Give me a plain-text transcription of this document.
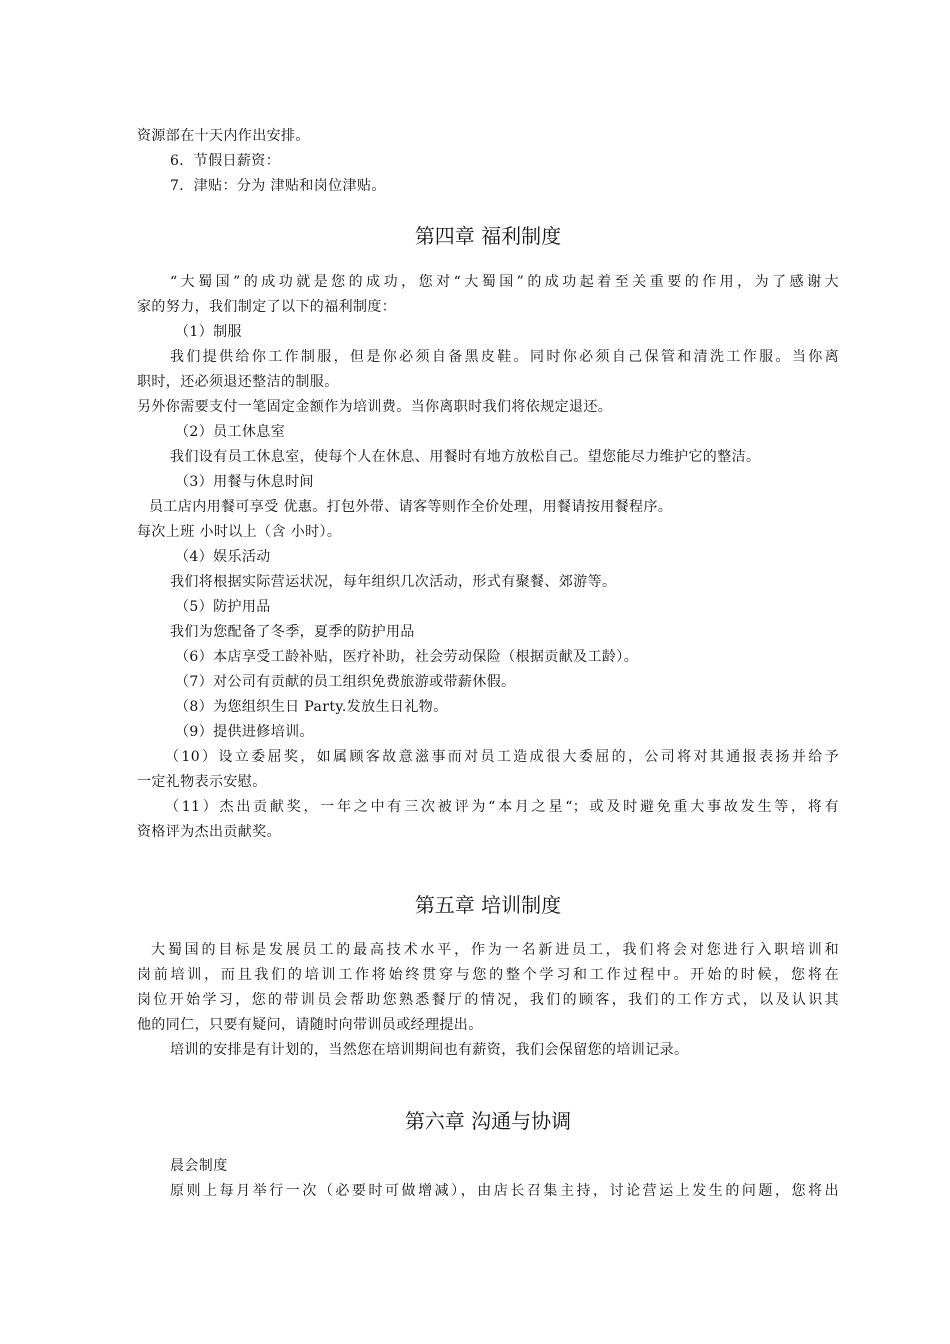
资源部在十天内作出安排。
6．节假日薪资：
7．津贴：分为 津贴和岗位津贴。
第四章 福利制度
“大蜀国”的成功就是您的成功，您对“大蜀国”的成功起着至关重要的作用，为了感谢大
家的努力，我们制定了以下的福利制度：
（1）制服
我们提供给你工作制服，但是你必须自备黑皮鞋。同时你必须自己保管和清洗工作服。当你离
职时，还必须退还整洁的制服。
另外你需要支付一笔固定金额作为培训费。当你离职时我们将依规定退还。
（2）员工休息室
我们设有员工休息室，使每个人在休息、用餐时有地方放松自己。望您能尽力维护它的整洁。
（3）用餐与休息时间
员工店内用餐可享受 优惠。打包外带、请客等则作全价处理，用餐请按用餐程序。
每次上班 小时以上（含 小时）。
（4）娱乐活动
我们将根据实际营运状况，每年组织几次活动，形式有聚餐、郊游等。
（5）防护用品
我们为您配备了冬季，夏季的防护用品
（6）本店享受工龄补贴，医疗补助，社会劳动保险（根据贡献及工龄）。
（7）对公司有贡献的员工组织免费旅游或带薪休假。
（8）为您组织生日 Party.发放生日礼物。
（9）提供进修培训。
（10）设立委屈奖，如属顾客故意滋事而对员工造成很大委屈的，公司将对其通报表扬并给予
一定礼物表示安慰。
（11）杰出贡献奖，一年之中有三次被评为“本月之星“；或及时避免重大事故发生等，将有
资格评为杰出贡献奖。
第五章 培训制度
大蜀国的目标是发展员工的最高技术水平，作为一名新进员工，我们将会对您进行入职培训和
岗前培训，而且我们的培训工作将始终贯穿与您的整个学习和工作过程中。开始的时候，您将在
岗位开始学习，您的带训员会帮助您熟悉餐厅的情况，我们的顾客，我们的工作方式，以及认识其
他的同仁，只要有疑问，请随时向带训员或经理提出。
培训的安排是有计划的，当然您在培训期间也有薪资，我们会保留您的培训记录。
第六章 沟通与协调
晨会制度
原则上每月举行一次（必要时可做增减），由店长召集主持，讨论营运上发生的问题，您将出
